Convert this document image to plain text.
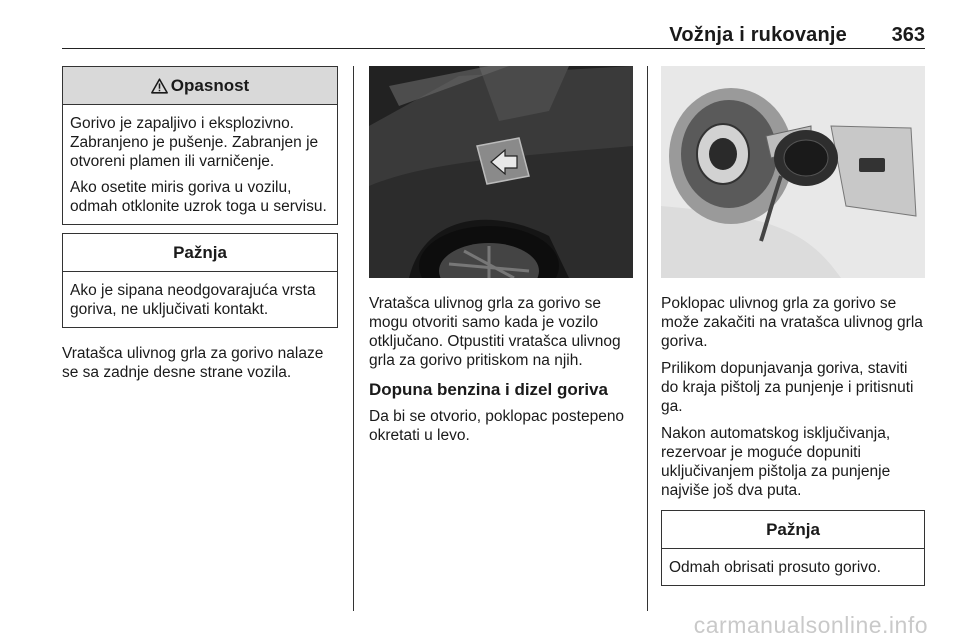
Vožnja i rukovanje 363
Opasnost

Gorivo je zapaljivo i eksplozivno. Zabranjeno je pušenje. Zabranjen je otvoreni plamen ili varničenje.

Ako osetite miris goriva u vozilu, odmah otklonite uzrok toga u servisu.

Pažnja

Ako je sipana neodgovarajuća vrsta goriva, ne uključivati kontakt.

Vratašca ulivnog grla za gorivo nalaze se sa zadnje desne strane vozila.

Vratašca ulivnog grla za gorivo se mogu otvoriti samo kada je vozilo otključano. Otpustiti vratašca ulivnog grla za gorivo pritiskom na njih.

Dopuna benzina i dizel goriva

Da bi se otvorio, poklopac postepeno okretati u levo.

Poklopac ulivnog grla za gorivo se može zakačiti na vratašca ulivnog grla goriva.

Prilikom dopunjavanja goriva, staviti do kraja pištolj za punjenje i pritisnuti ga.

Nakon automatskog isključivanja, rezervoar je moguće dopuniti uključivanjem pištolja za punjenje najviše još dva puta.

Pažnja

Odmah obrisati prosuto gorivo.

carmanualsonline.info
